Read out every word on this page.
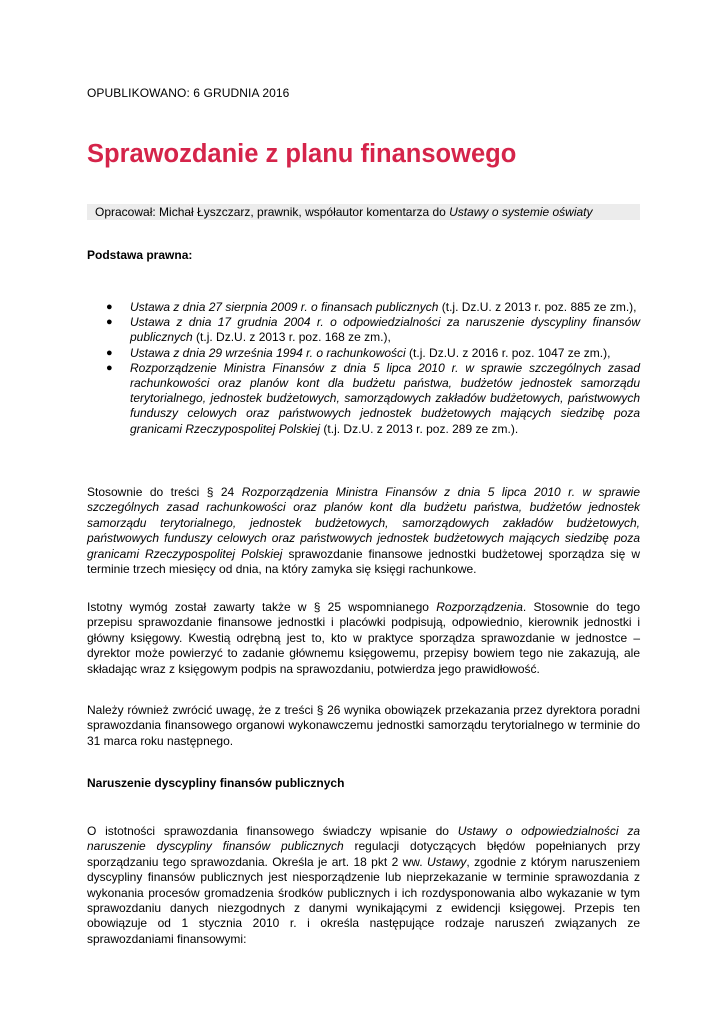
OPUBLIKOWANO: 6 GRUDNIA 2016
Sprawozdanie z planu finansowego
Opracował: Michał Łyszczarz, prawnik, współautor komentarza do Ustawy o systemie oświaty
Podstawa prawna:
● Ustawa z dnia 27 sierpnia 2009 r. o finansach publicznych (t.j. Dz.U. z 2013 r. poz. 885 ze zm.),
● Ustawa z dnia 17 grudnia 2004 r. o odpowiedzialności za naruszenie dyscypliny finansów publicznych (t.j. Dz.U. z 2013 r. poz. 168 ze zm.),
● Ustawa z dnia 29 września 1994 r. o rachunkowości (t.j. Dz.U. z 2016 r. poz. 1047 ze zm.),
● Rozporządzenie Ministra Finansów z dnia 5 lipca 2010 r. w sprawie szczególnych zasad rachunkowości oraz planów kont dla budżetu państwa, budżetów jednostek samorządu terytorialnego, jednostek budżetowych, samorządowych zakładów budżetowych, państwowych funduszy celowych oraz państwowych jednostek budżetowych mających siedzibę poza granicami Rzeczypospolitej Polskiej (t.j. Dz.U. z 2013 r. poz. 289 ze zm.).

Stosownie do treści § 24 Rozporządzenia Ministra Finansów z dnia 5 lipca 2010 r. w sprawie szczególnych zasad rachunkowości oraz planów kont dla budżetu państwa, budżetów jednostek samorządu terytorialnego, jednostek budżetowych, samorządowych zakładów budżetowych, państwowych funduszy celowych oraz państwowych jednostek budżetowych mających siedzibę poza granicami Rzeczypospolitej Polskiej sprawozdanie finansowe jednostki budżetowej sporządza się w terminie trzech miesięcy od dnia, na który zamyka się księgi rachunkowe.

Istotny wymóg został zawarty także w § 25 wspomnianego Rozporządzenia. Stosownie do tego przepisu sprawozdanie finansowe jednostki i placówki podpisują, odpowiednio, kierownik jednostki i główny księgowy. Kwestią odrębną jest to, kto w praktyce sporządza sprawozdanie w jednostce – dyrektor może powierzyć to zadanie głównemu księgowemu, przepisy bowiem tego nie zakazują, ale składając wraz z księgowym podpis na sprawozdaniu, potwierdza jego prawidłowość.

Należy również zwrócić uwagę, że z treści § 26 wynika obowiązek przekazania przez dyrektora poradni sprawozdania finansowego organowi wykonawczemu jednostki samorządu terytorialnego w terminie do 31 marca roku następnego.

Naruszenie dyscypliny finansów publicznych

O istotności sprawozdania finansowego świadczy wpisanie do Ustawy o odpowiedzialności za naruszenie dyscypliny finansów publicznych regulacji dotyczących błędów popełnianych przy sporządzaniu tego sprawozdania. Określa je art. 18 pkt 2 ww. Ustawy, zgodnie z którym naruszeniem dyscypliny finansów publicznych jest niesporządzenie lub nieprzekazanie w terminie sprawozdania z wykonania procesów gromadzenia środków publicznych i ich rozdysponowania albo wykazanie w tym sprawozdaniu danych niezgodnych z danymi wynikającymi z ewidencji księgowej. Przepis ten obowiązuje od 1 stycznia 2010 r. i określa następujące rodzaje naruszeń związanych ze sprawozdaniami finansowymi:
